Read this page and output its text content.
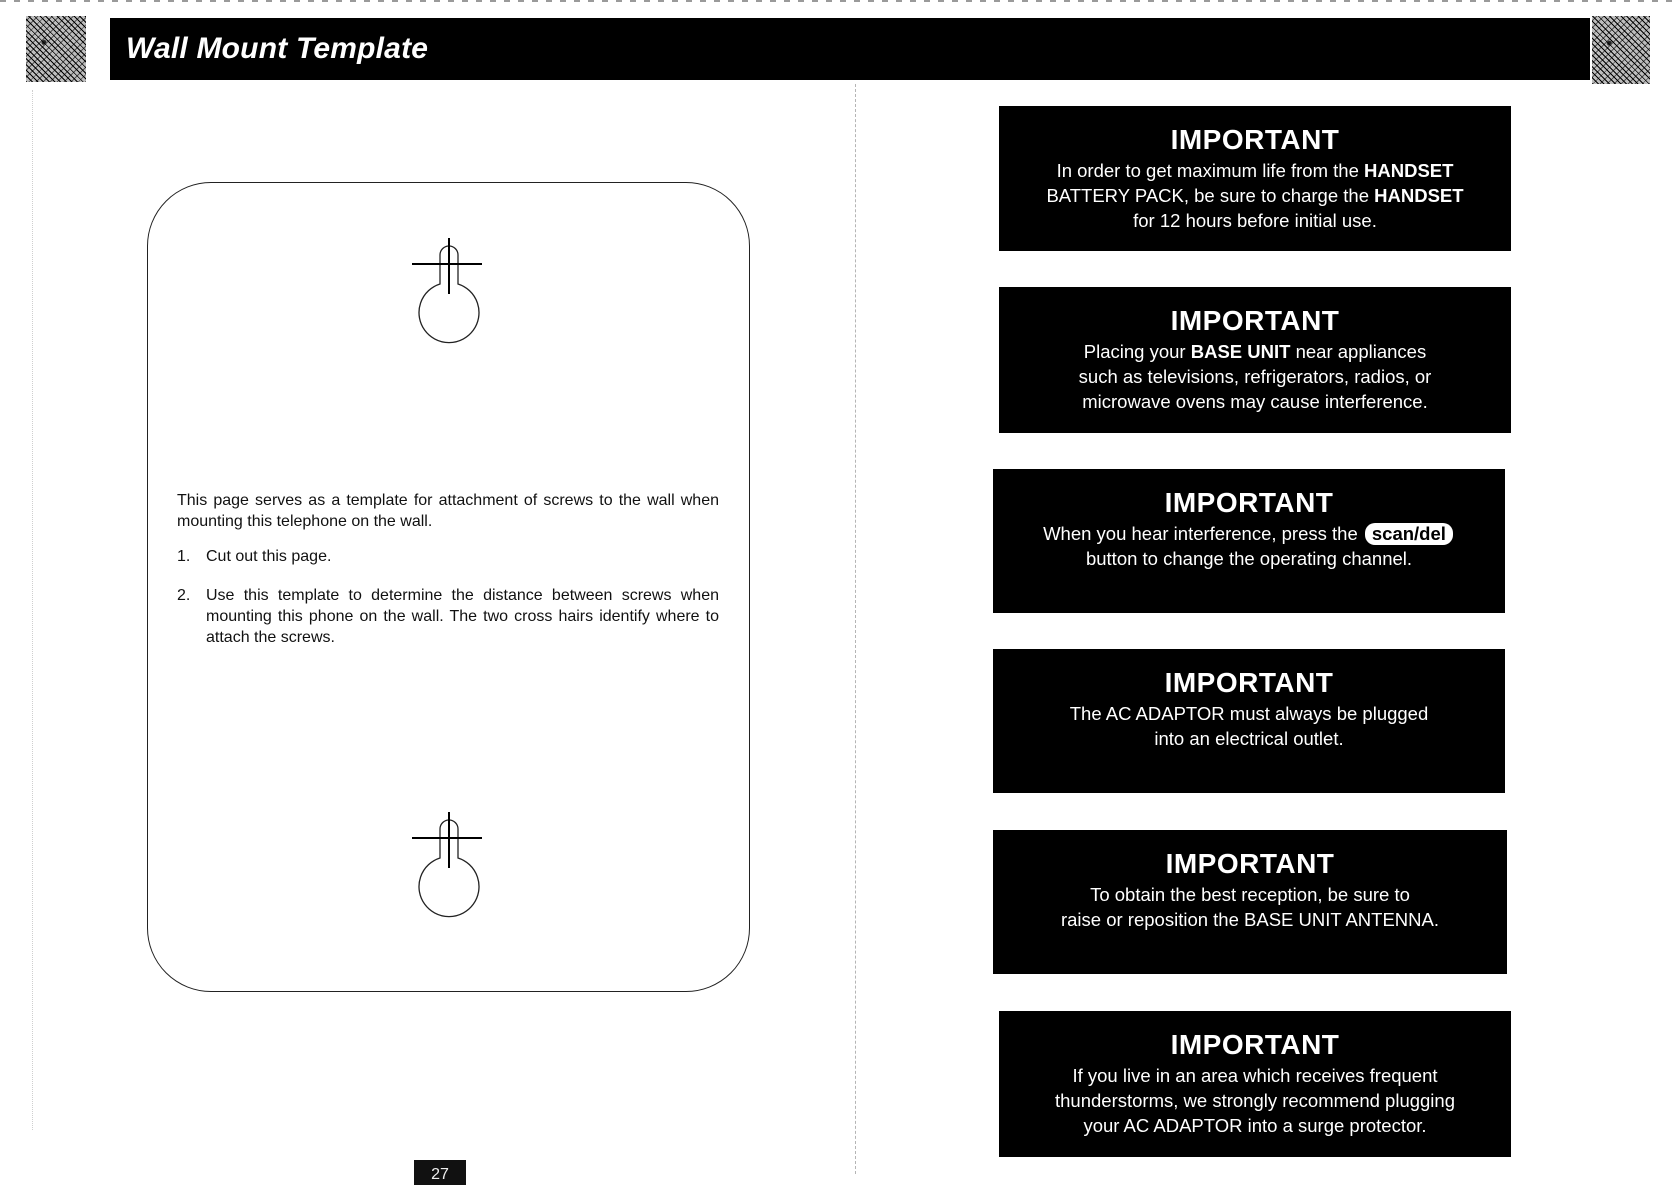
Wall Mount Template

This page serves as a template for attachment of screws to the wall when mounting this telephone on the wall.

1. Cut out this page.
2. Use this template to determine the distance between screws when mounting this phone on the wall. The two cross hairs identify where to attach the screws.
27
IMPORTANT
In order to get maximum life from the HANDSET
BATTERY PACK, be sure to charge the HANDSET
for 12 hours before initial use.
IMPORTANT
Placing your BASE UNIT near appliances
such as televisions, refrigerators, radios, or
microwave ovens may cause interference.
IMPORTANT
When you hear interference, press the scan/del
button to change the operating channel.
IMPORTANT
The AC ADAPTOR must always be plugged
into an electrical outlet.
IMPORTANT
To obtain the best reception, be sure to
raise or reposition the BASE UNIT ANTENNA.
IMPORTANT
If you live in an area which receives frequent
thunderstorms, we strongly recommend plugging
your AC ADAPTOR into a surge protector.
